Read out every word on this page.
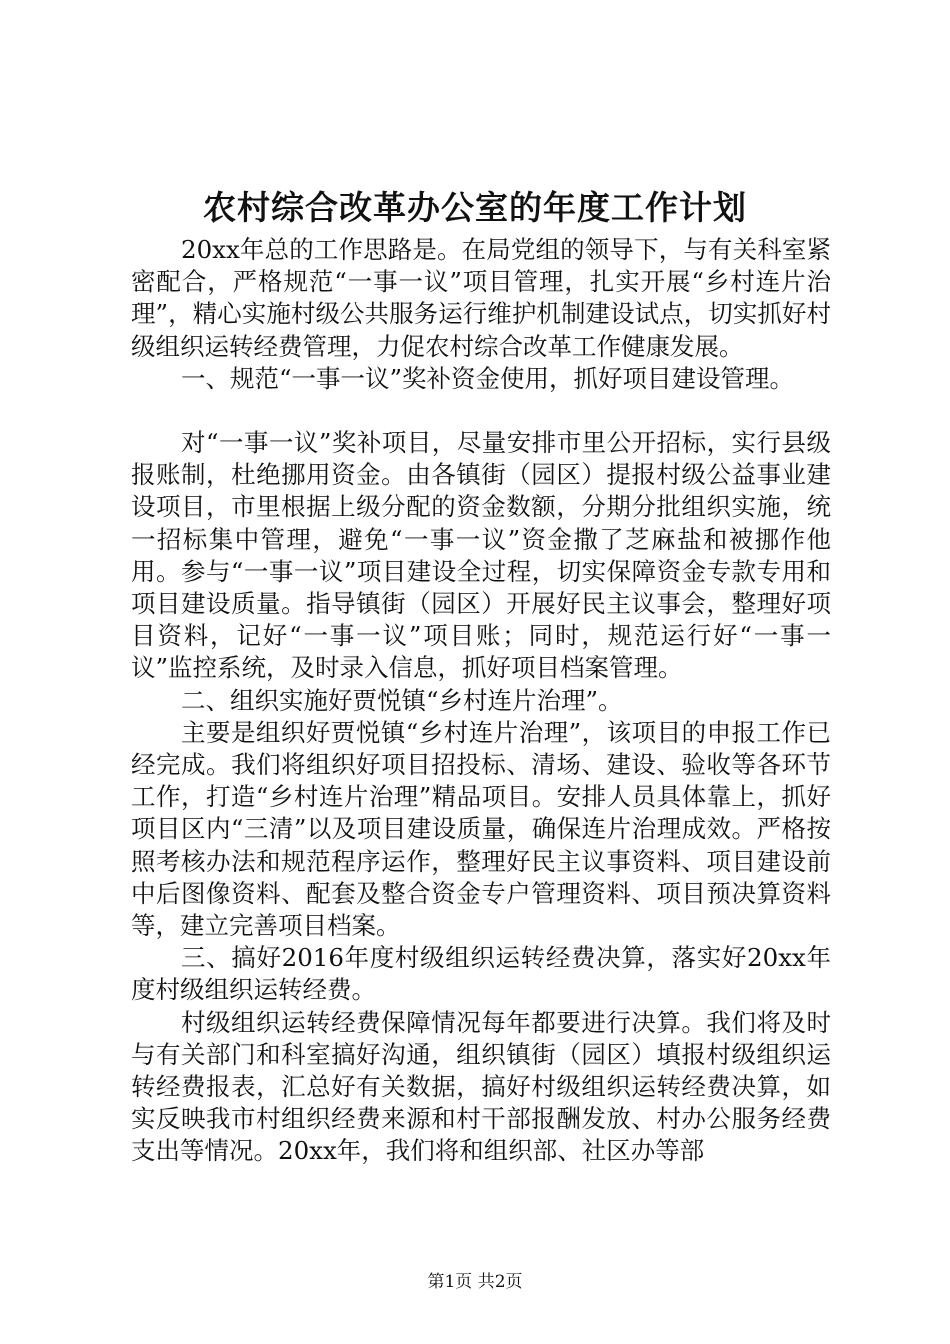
农村综合改革办公室的年度工作计划

20xx年总的工作思路是。在局党组的领导下，与有关科室紧密配合，严格规范“一事一议”项目管理，扎实开展“乡村连片治理”，精心实施村级公共服务运行维护机制建设试点，切实抓好村级组织运转经费管理，力促农村综合改革工作健康发展。

一、规范“一事一议”奖补资金使用，抓好项目建设管理。

对“一事一议”奖补项目，尽量安排市里公开招标，实行县级报账制，杜绝挪用资金。由各镇街（园区）提报村级公益事业建设项目，市里根据上级分配的资金数额，分期分批组织实施，统一招标集中管理，避免“一事一议”资金撒了芝麻盐和被挪作他用。参与“一事一议”项目建设全过程，切实保障资金专款专用和项目建设质量。指导镇街（园区）开展好民主议事会，整理好项目资料，记好“一事一议”项目账；同时，规范运行好“一事一议”监控系统，及时录入信息，抓好项目档案管理。

二、组织实施好贾悦镇“乡村连片治理”。

主要是组织好贾悦镇“乡村连片治理”，该项目的申报工作已经完成。我们将组织好项目招投标、清场、建设、验收等各环节工作，打造“乡村连片治理”精品项目。安排人员具体靠上，抓好项目区内“三清”以及项目建设质量，确保连片治理成效。严格按照考核办法和规范程序运作，整理好民主议事资料、项目建设前中后图像资料、配套及整合资金专户管理资料、项目预决算资料等，建立完善项目档案。

三、搞好2016年度村级组织运转经费决算，落实好20xx年度村级组织运转经费。

村级组织运转经费保障情况每年都要进行决算。我们将及时与有关部门和科室搞好沟通，组织镇街（园区）填报村级组织运转经费报表，汇总好有关数据，搞好村级组织运转经费决算，如实反映我市村组织经费来源和村干部报酬发放、村办公服务经费支出等情况。20xx年，我们将和组织部、社区办等部

第1页 共2页
